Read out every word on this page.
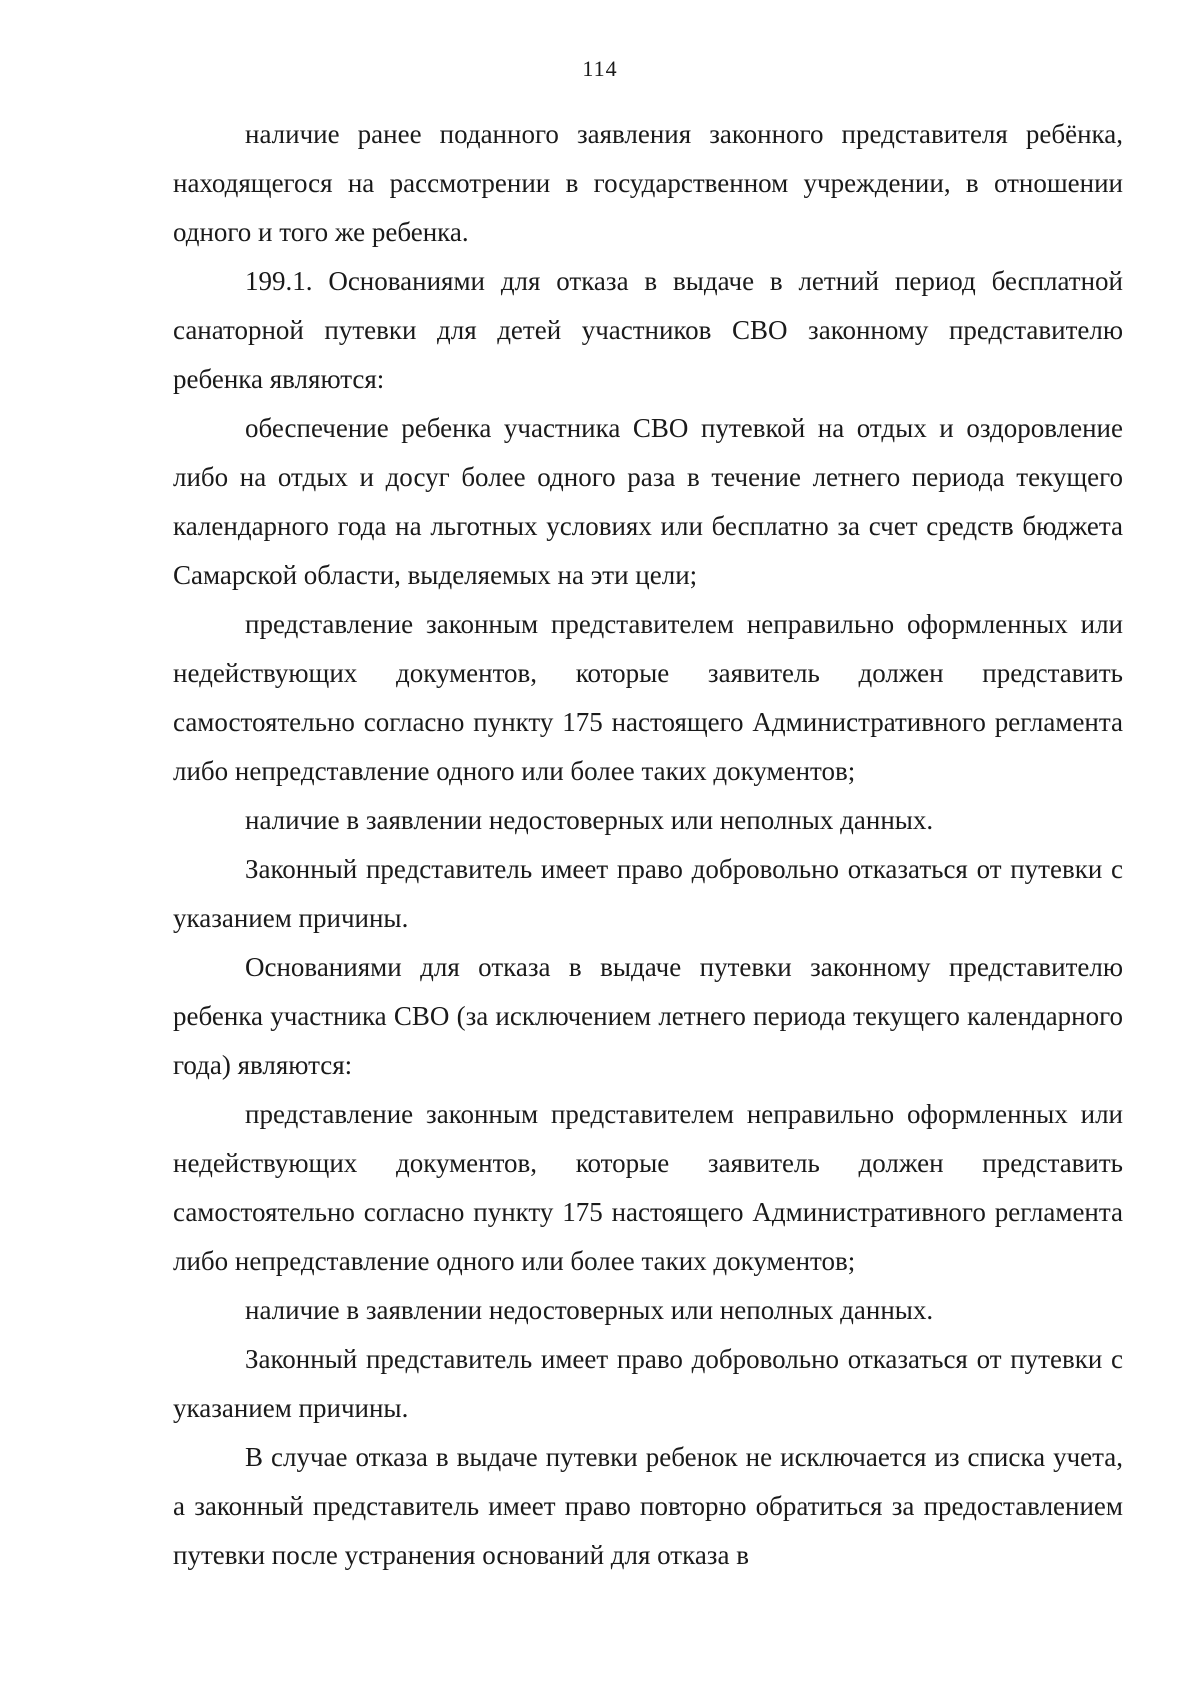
114

наличие ранее поданного заявления законного представителя ребёнка, находящегося на рассмотрении в государственном учреждении, в отношении одного и того же ребенка.

199.1. Основаниями для отказа в выдаче в летний период бесплатной санаторной путевки для детей участников СВО законному представителю ребенка являются:

обеспечение ребенка участника СВО путевкой на отдых и оздоровление либо на отдых и досуг более одного раза в течение летнего периода текущего календарного года на льготных условиях или бесплатно за счет средств бюджета Самарской области, выделяемых на эти цели;

представление законным представителем неправильно оформленных или недействующих документов, которые заявитель должен представить самостоятельно согласно пункту 175 настоящего Административного регламента либо непредставление одного или более таких документов;

наличие в заявлении недостоверных или неполных данных.

Законный представитель имеет право добровольно отказаться от путевки с указанием причины.

Основаниями для отказа в выдаче путевки законному представителю ребенка участника СВО (за исключением летнего периода текущего календарного года) являются:

представление законным представителем неправильно оформленных или недействующих документов, которые заявитель должен представить самостоятельно согласно пункту 175 настоящего Административного регламента либо непредставление одного или более таких документов;

наличие в заявлении недостоверных или неполных данных.

Законный представитель имеет право добровольно отказаться от путевки с указанием причины.

В случае отказа в выдаче путевки ребенок не исключается из списка учета, а законный представитель имеет право повторно обратиться за предоставлением путевки после устранения оснований для отказа в
